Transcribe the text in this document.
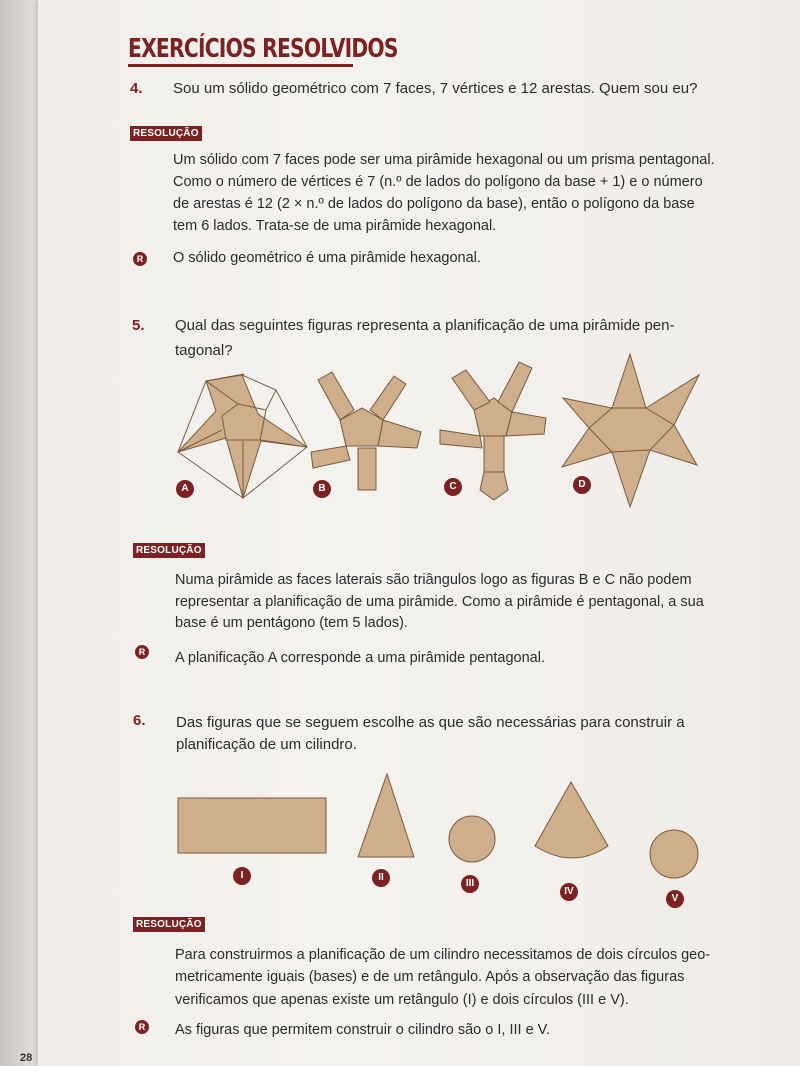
EXERCÍCIOS RESOLVIDOS
4. Sou um sólido geométrico com 7 faces, 7 vértices e 12 arestas. Quem sou eu?
RESOLUÇÃO
Um sólido com 7 faces pode ser uma pirâmide hexagonal ou um prisma pentagonal.
Como o número de vértices é 7 (n.º de lados do polígono da base + 1) e o número
de arestas é 12 (2 × n.º de lados do polígono da base), então o polígono da base
tem 6 lados. Trata-se de uma pirâmide hexagonal.
R O sólido geométrico é uma pirâmide hexagonal.
5. Qual das seguintes figuras representa a planificação de uma pirâmide pen-
tagonal?
A	B	C	D
RESOLUÇÃO
Numa pirâmide as faces laterais são triângulos logo as figuras B e C não podem
representar a planificação de uma pirâmide. Como a pirâmide é pentagonal, a sua
base é um pentágono (tem 5 lados).
R A planificação A corresponde a uma pirâmide pentagonal.
6. Das figuras que se seguem escolhe as que são necessárias para construir a
planificação de um cilindro.
I	II
III
IV
V
RESOLUÇÃO
Para construirmos a planificação de um cilindro necessitamos de dois círculos geo-
metricamente iguais (bases) e de um retângulo. Após a observação das figuras
verificamos que apenas existe um retângulo (I) e dois círculos (III e V).
R As figuras que permitem construir o cilindro são o I, III e V.
28
